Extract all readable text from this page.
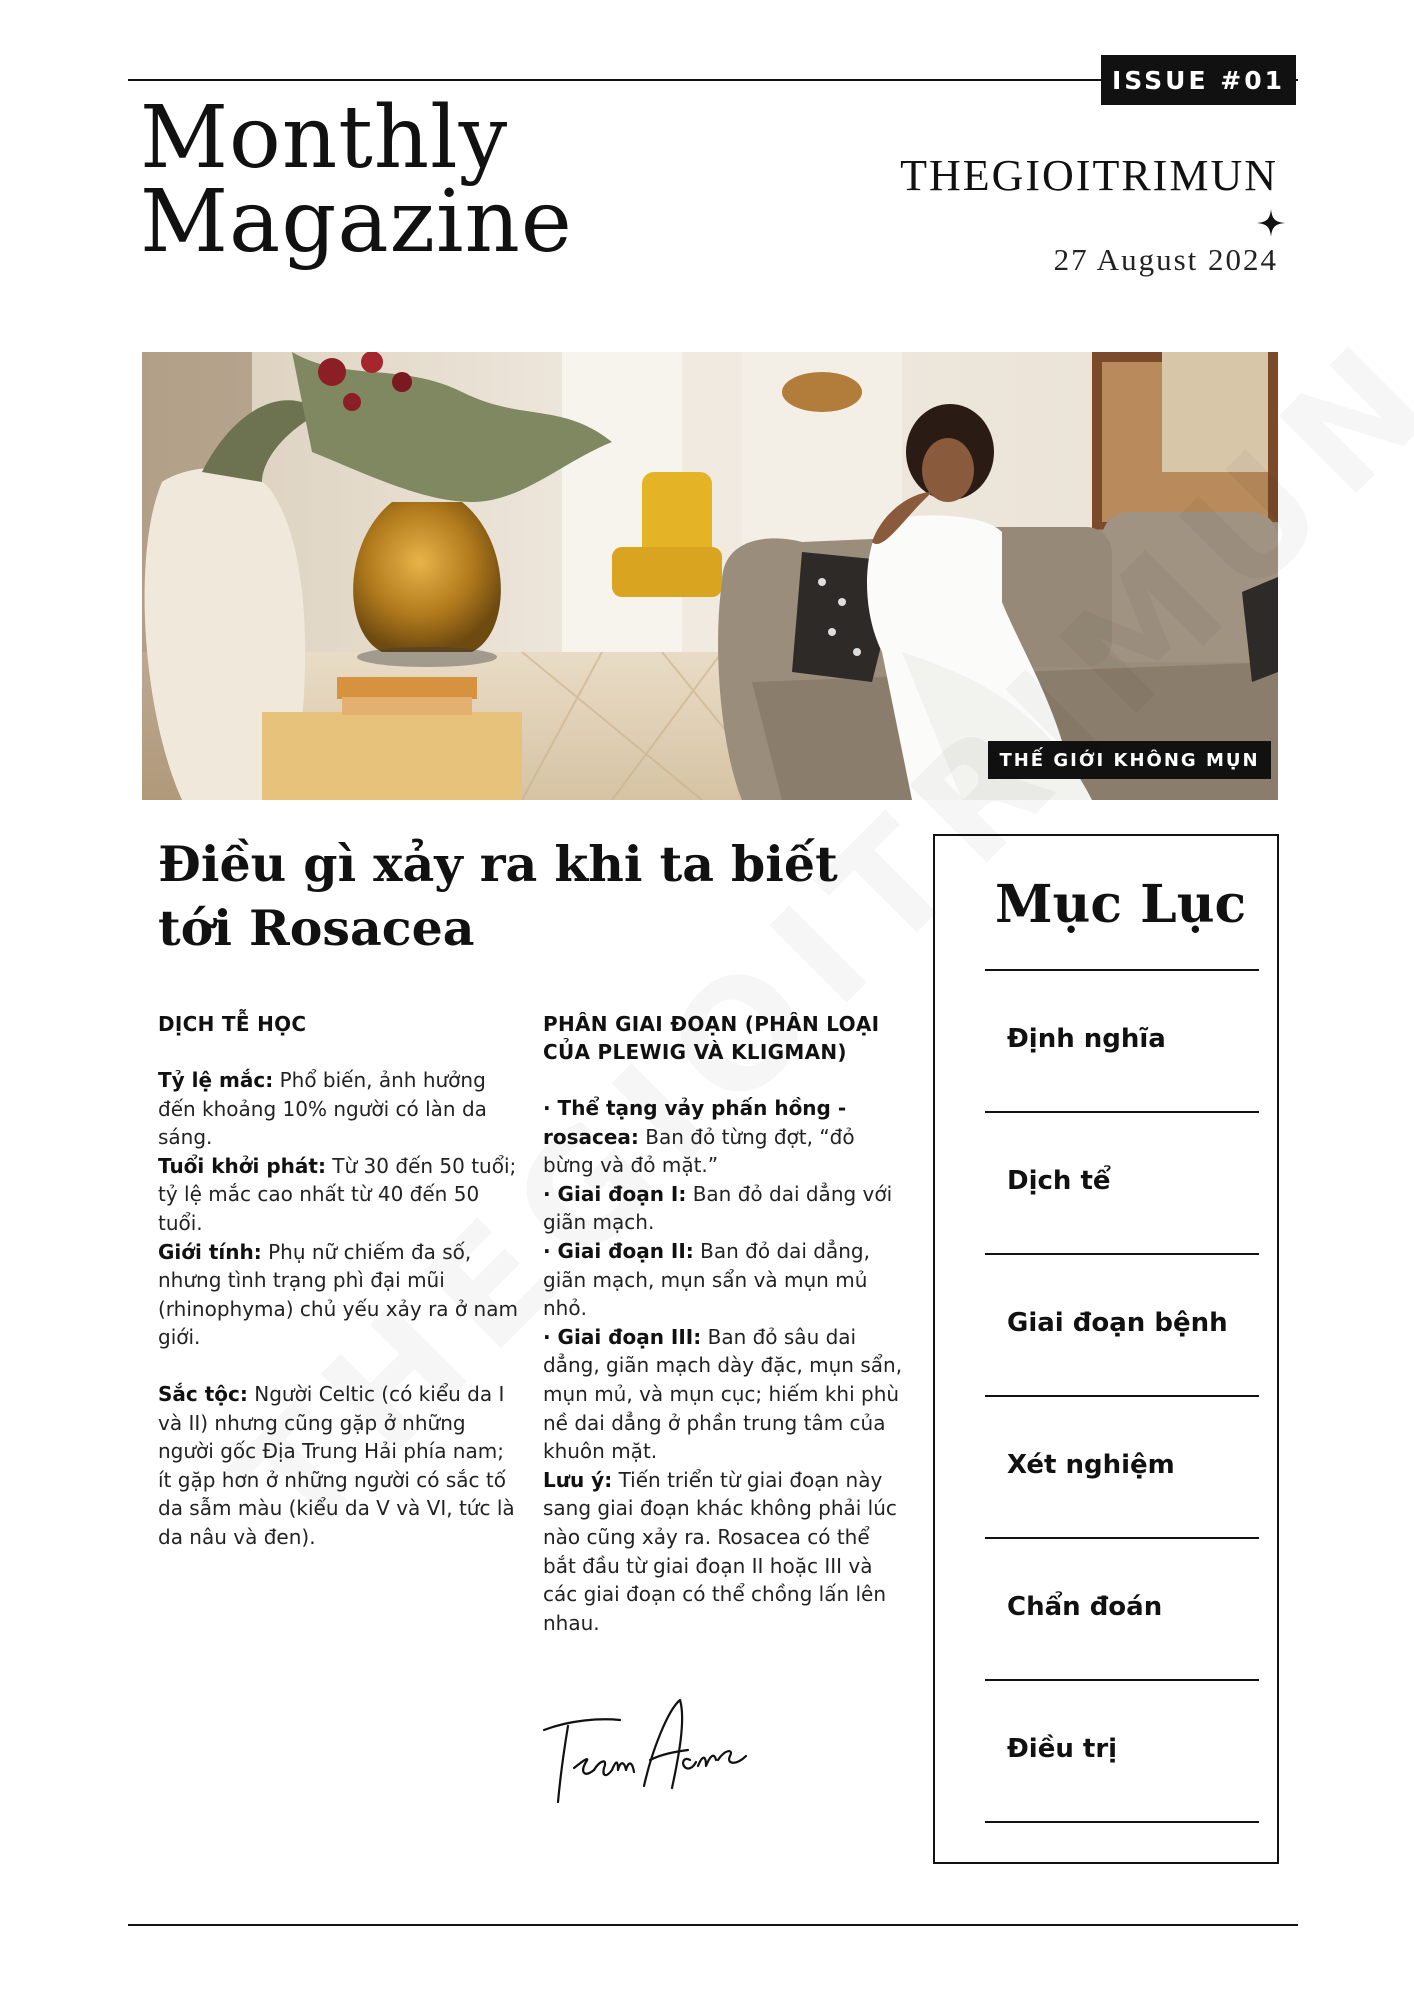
ISSUE #01
Monthly
Magazine	THEGIOITRIMUN
27 August 2024
THẾ GIỚI KHÔNG MỤN
Điều gì xảy ra khi ta biết tới Rosacea
DỊCH TỄ HỌC

Tỷ lệ mắc: Phổ biến, ảnh hưởng đến khoảng 10% người có làn da sáng.

Tuổi khởi phát: Từ 30 đến 50 tuổi; tỷ lệ mắc cao nhất từ 40 đến 50 tuổi.

Giới tính: Phụ nữ chiếm đa số, nhưng tình trạng phì đại mũi (rhinophyma) chủ yếu xảy ra ở nam giới.

Sắc tộc: Người Celtic (có kiểu da I và II) nhưng cũng gặp ở những người gốc Địa Trung Hải phía nam; ít gặp hơn ở những người có sắc tố da sẫm màu (kiểu da V và VI, tức là da nâu và đen).

PHÂN GIAI ĐOẠN (PHÂN LOẠI CỦA PLEWIG VÀ KLIGMAN)

· Thể tạng vảy phấn hồng - rosacea: Ban đỏ từng đợt, “đỏ bừng và đỏ mặt.”

· Giai đoạn I: Ban đỏ dai dẳng với giãn mạch.

· Giai đoạn II: Ban đỏ dai dẳng, giãn mạch, mụn sẩn và mụn mủ nhỏ.

· Giai đoạn III: Ban đỏ sâu dai dẳng, giãn mạch dày đặc, mụn sẩn, mụn mủ, và mụn cục; hiếm khi phù nề dai dẳng ở phần trung tâm của khuôn mặt.

Lưu ý: Tiến triển từ giai đoạn này sang giai đoạn khác không phải lúc nào cũng xảy ra. Rosacea có thể bắt đầu từ giai đoạn II hoặc III và các giai đoạn có thể chồng lấn lên nhau.

Mục Lục
Định nghĩa
Dịch tể
Giai đoạn bệnh
Xét nghiệm
Chẩn đoán
Điều trị
